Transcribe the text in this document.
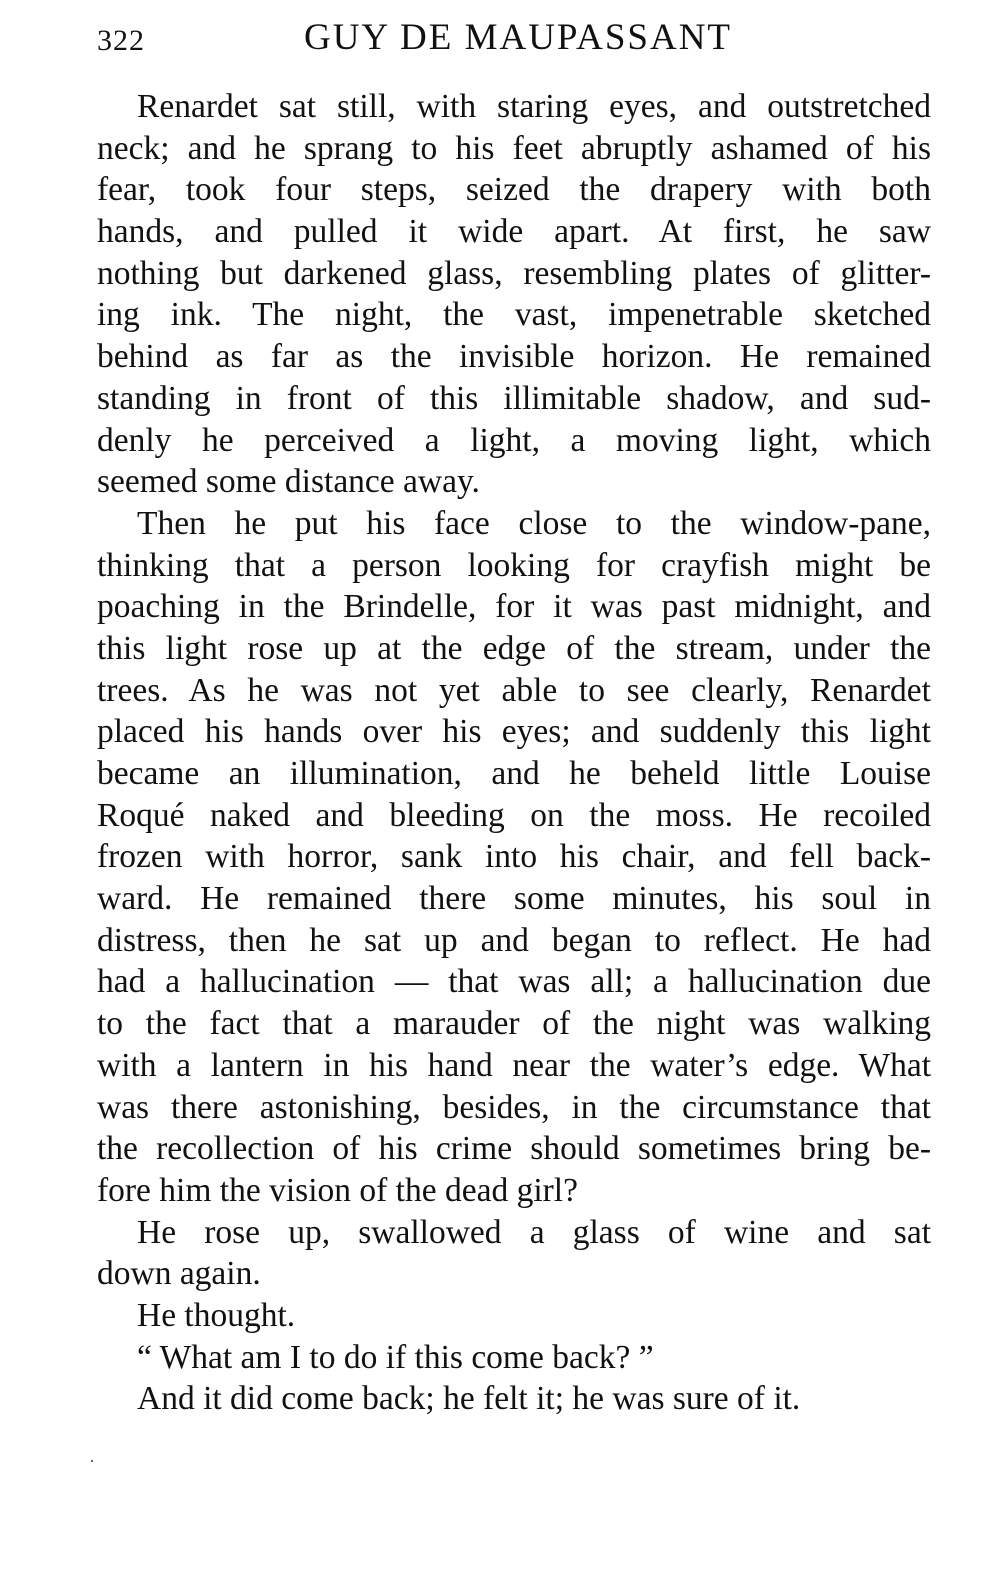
322	GUY DE MAUPASSANT

Renardet sat still, with staring eyes, and outstretched
neck; and he sprang to his feet abruptly ashamed of his
fear, took four steps, seized the drapery with both
hands, and pulled it wide apart. At first, he saw
nothing but darkened glass, resembling plates of glitter-
ing ink. The night, the vast, impenetrable sketched
behind as far as the invisible horizon. He remained
standing in front of this illimitable shadow, and sud-
denly he perceived a light, a moving light, which
seemed some distance away.

Then he put his face close to the window-pane,
thinking that a person looking for crayfish might be
poaching in the Brindelle, for it was past midnight, and
this light rose up at the edge of the stream, under the
trees. As he was not yet able to see clearly, Renardet
placed his hands over his eyes; and suddenly this light
became an illumination, and he beheld little Louise
Roqué naked and bleeding on the moss. He recoiled
frozen with horror, sank into his chair, and fell back-
ward. He remained there some minutes, his soul in
distress, then he sat up and began to reflect. He had
had a hallucination — that was all; a hallucination due
to the fact that a marauder of the night was walking
with a lantern in his hand near the water’s edge. What
was there astonishing, besides, in the circumstance that
the recollection of his crime should sometimes bring be-
fore him the vision of the dead girl?

He rose up, swallowed a glass of wine and sat
down again.

He thought.

“ What am I to do if this come back? ”

And it did come back; he felt it; he was sure of it.
